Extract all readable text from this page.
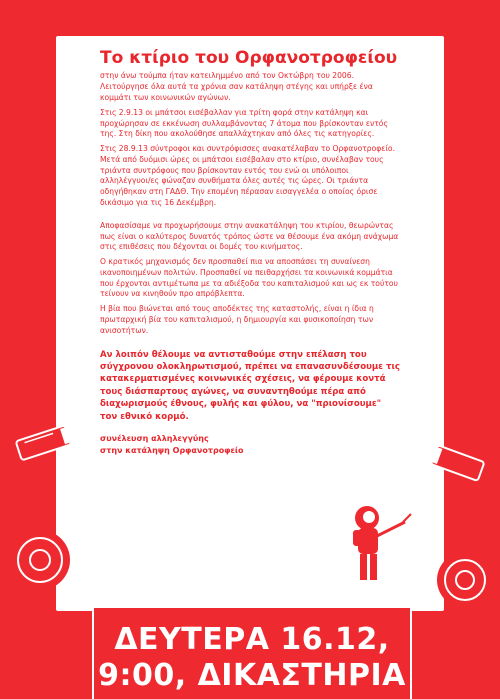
Το κτίριο του Ορφανοτροφείου

στην άνω τούμπα ήταν κατειλημμένο από τον Οκτώβρη του 2006. Λειτούργησε όλα αυτά τα χρόνια σαν κατάληψη στέγης και υπήρξε ένα κομμάτι των κοινωνικών αγώνων.

Στις 2.9.13 οι μπάτσοι εισέβαλλαν για τρίτη φορά στην κατάληψη και προχώρησαν σε εκκένωση συλλαμβάνοντας 7 άτομα που βρίσκονταν εντός της. Στη δίκη που ακολούθησε απαλλάχτηκαν από όλες τις κατηγορίες.

Στις 28.9.13 σύντροφοι και συντρόφισσες ανακατέλαβαν το Ορφανοτροφείο. Μετά από δυόμισι ώρες οι μπάτσοι εισέβαλαν στο κτίριο, συνέλαβαν τους τριάντα συντρόφους που βρίσκονταν εντός του ενώ οι υπόλοιποι αλληλέγγυοι/ες φώναζαν συνθήματα όλες αυτές τις ώρες. Οι τριάντα οδηγήθηκαν στη ΓΑΔΘ. Την επομένη πέρασαν εισαγγελέα ο οποίος όρισε δικάσιμο για τις 16 Δεκέμβρη.

Αποφασίσαμε να προχωρήσουμε στην ανακατάληψη του κτιρίου, θεωρώντας πως είναι ο καλύτερος δυνατός τρόπος ώστε να θέσουμε ένα ακόμη ανάχωμα στις επιθέσεις που δέχονται οι δομές του κινήματος.

Ο κρατικός μηχανισμός δεν προσπαθεί πια να αποσπάσει τη συναίνεση ικανοποιημένων πολιτών. Προσπαθεί να πειθαρχήσει τα κοινωνικά κομμάτια που έρχονται αντιμέτωπα με τα αδιέξοδα του καπιταλισμού και ως εκ τούτου τείνουν να κινηθούν προ απρόβλεπτα.

Η βία που βιώνεται από τους αποδέκτες της καταστολής, είναι η ίδια η πρωταρχική βία του καπιταλισμού, η δημιουργία και φυσικοποίηση των ανισοτήτων.

Αν λοιπόν θέλουμε να αντισταθούμε στην επέλαση του σύγχρονου ολοκληρωτισμού, πρέπει να επανασυνδέσουμε τις κατακερματισμένες κοινωνικές σχέσεις, να φέρουμε κοντά τους διάσπαρτους αγώνες, να συναντηθούμε πέρα από διαχωρισμούς έθνους, φυλής και φύλου, να "πριονίσουμε" τον εθνικό κορμό.

συνέλευση αλληλεγγύης
στην κατάληψη Ορφανοτροφείο
ΔΕΥΤΕΡΑ 16.12,
9:00, ΔΙΚΑΣΤΗΡΙΑ
